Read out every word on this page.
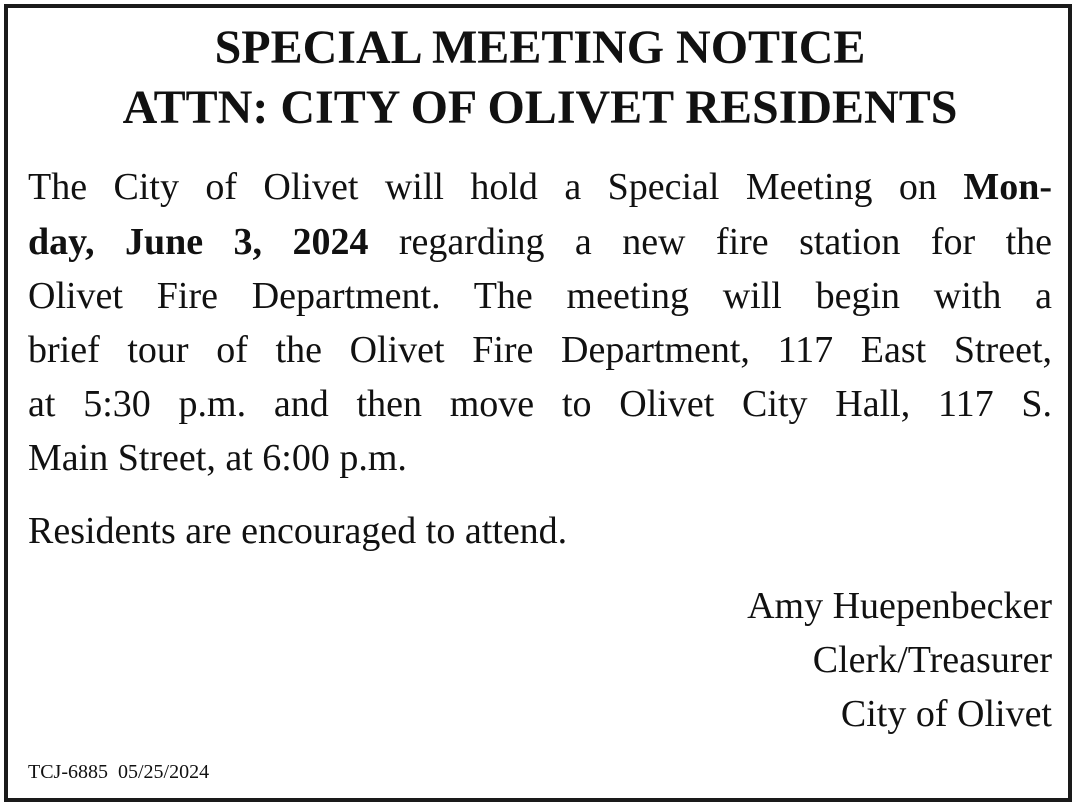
SPECIAL MEETING NOTICE
ATTN: CITY OF OLIVET RESIDENTS
The City of Olivet will hold a Special Meeting on Mon-
day, June 3, 2024 regarding a new fire station for the
Olivet Fire Department. The meeting will begin with a
brief tour of the Olivet Fire Department, 117 East Street,
at 5:30 p.m. and then move to Olivet City Hall, 117 S.
Main Street, at 6:00 p.m.
Residents are encouraged to attend.
Amy Huepenbecker
Clerk/Treasurer
City of Olivet
TCJ-6885 05/25/2024
